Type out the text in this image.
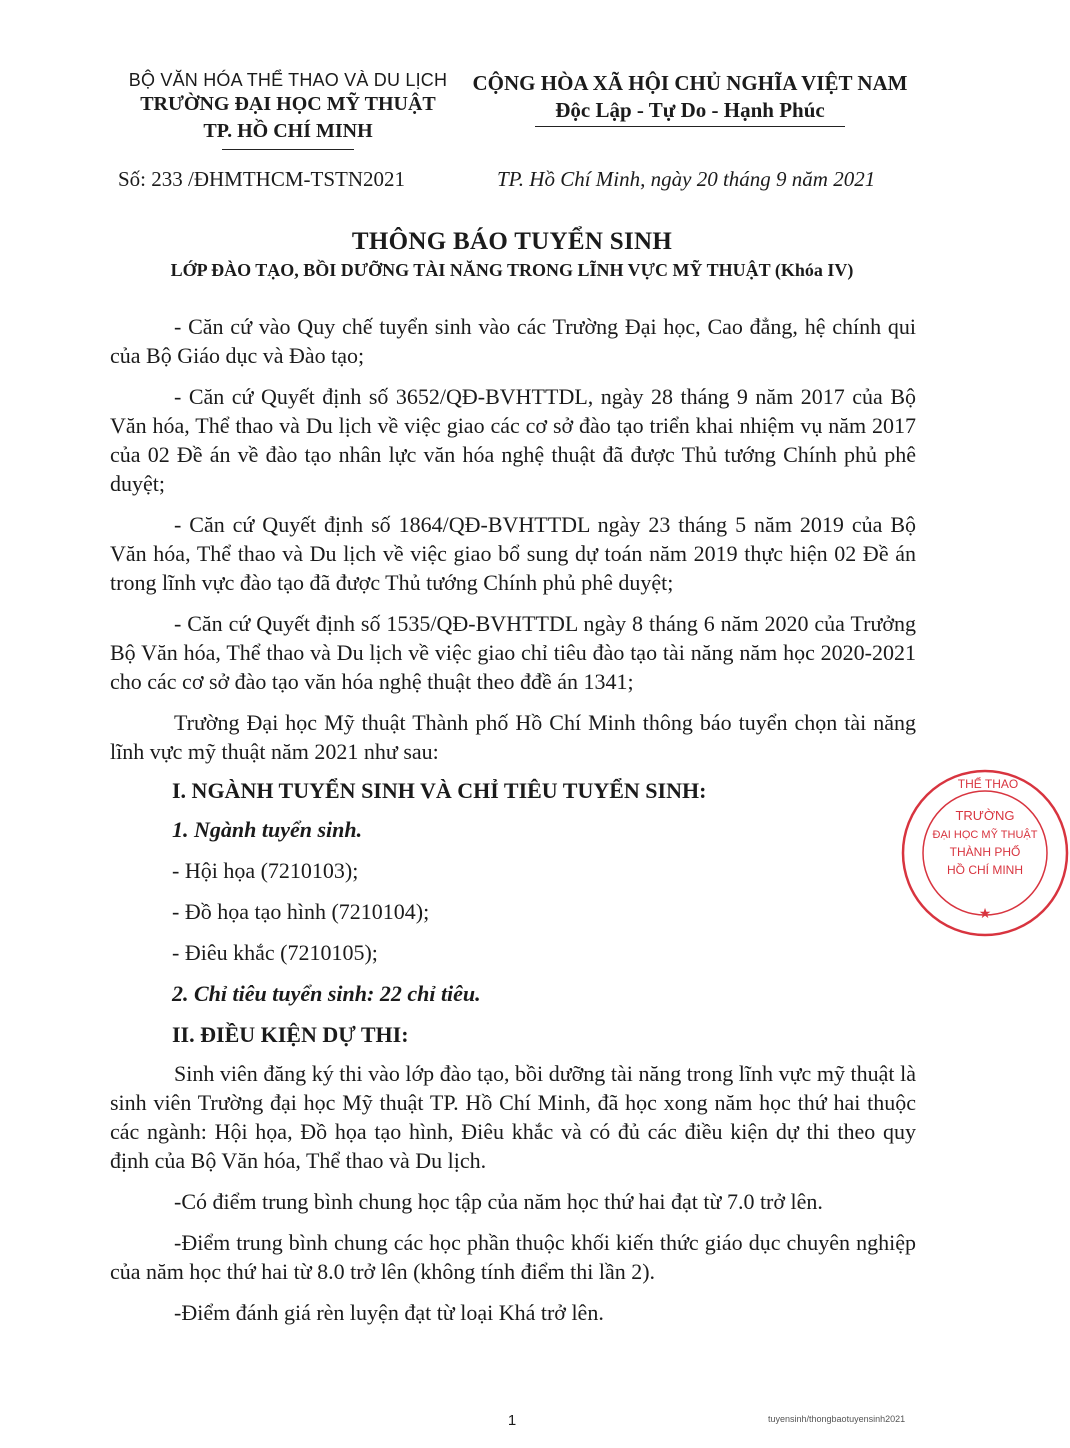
BỘ VĂN HÓA THỂ THAO VÀ DU LỊCH
TRƯỜNG ĐẠI HỌC MỸ THUẬT
TP. HỒ CHÍ MINH
CỘNG HÒA XÃ HỘI CHỦ NGHĨA VIỆT NAM
Độc Lập - Tự Do - Hạnh Phúc
Số: 233 /ĐHMTHCM-TSTN2021	TP. Hồ Chí Minh, ngày 20 tháng 9 năm 2021
THÔNG BÁO TUYỂN SINH
LỚP ĐÀO TẠO, BỒI DƯỠNG TÀI NĂNG TRONG LĨNH VỰC MỸ THUẬT (Khóa IV)

- Căn cứ vào Quy chế tuyển sinh vào các Trường Đại học, Cao đẳng, hệ chính qui của Bộ Giáo dục và Đào tạo;

- Căn cứ Quyết định số 3652/QĐ-BVHTTDL, ngày 28 tháng 9 năm 2017 của Bộ Văn hóa, Thể thao và Du lịch về việc giao các cơ sở đào tạo triển khai nhiệm vụ năm 2017 của 02 Đề án về đào tạo nhân lực văn hóa nghệ thuật đã được Thủ tướng Chính phủ phê duyệt;

- Căn cứ Quyết định số 1864/QĐ-BVHTTDL ngày 23 tháng 5 năm 2019 của Bộ Văn hóa, Thể thao và Du lịch về việc giao bổ sung dự toán năm 2019 thực hiện 02 Đề án trong lĩnh vực đào tạo đã được Thủ tướng Chính phủ phê duyệt;

- Căn cứ Quyết định số 1535/QĐ-BVHTTDL ngày 8 tháng 6 năm 2020 của Trưởng Bộ Văn hóa, Thể thao và Du lịch về việc giao chỉ tiêu đào tạo tài năng năm học 2020-2021 cho các cơ sở đào tạo văn hóa nghệ thuật theo đđề án 1341;

Trường Đại học Mỹ thuật Thành phố Hồ Chí Minh thông báo tuyển chọn tài năng lĩnh vực mỹ thuật năm 2021 như sau:

I. NGÀNH TUYỂN SINH VÀ CHỈ TIÊU TUYỂN SINH:
1. Ngành tuyển sinh.
- Hội họa (7210103);
- Đồ họa tạo hình (7210104);
- Điêu khắc (7210105);
2. Chỉ tiêu tuyển sinh: 22 chỉ tiêu.
II. ĐIỀU KIỆN DỰ THI:

Sinh viên đăng ký thi vào lớp đào tạo, bồi dưỡng tài năng trong lĩnh vực mỹ thuật là sinh viên Trường đại học Mỹ thuật TP. Hồ Chí Minh, đã học xong năm học thứ hai thuộc các ngành: Hội họa, Đồ họa tạo hình, Điêu khắc và có đủ các điều kiện dự thi theo quy định của Bộ Văn hóa, Thể thao và Du lịch.

-Có điểm trung bình chung học tập của năm học thứ hai đạt từ 7.0 trở lên.

-Điểm trung bình chung các học phần thuộc khối kiến thức giáo dục chuyên nghiệp của năm học thứ hai từ 8.0 trở lên (không tính điểm thi lần 2).

-Điểm đánh giá rèn luyện đạt từ loại Khá trở lên.

THỂ THAO
TRƯỜNG
ĐẠI HỌC MỸ THUẬT
THÀNH PHỐ
HỒ CHÍ MINH
★
1	tuyensinh/thongbaotuyensinh2021
